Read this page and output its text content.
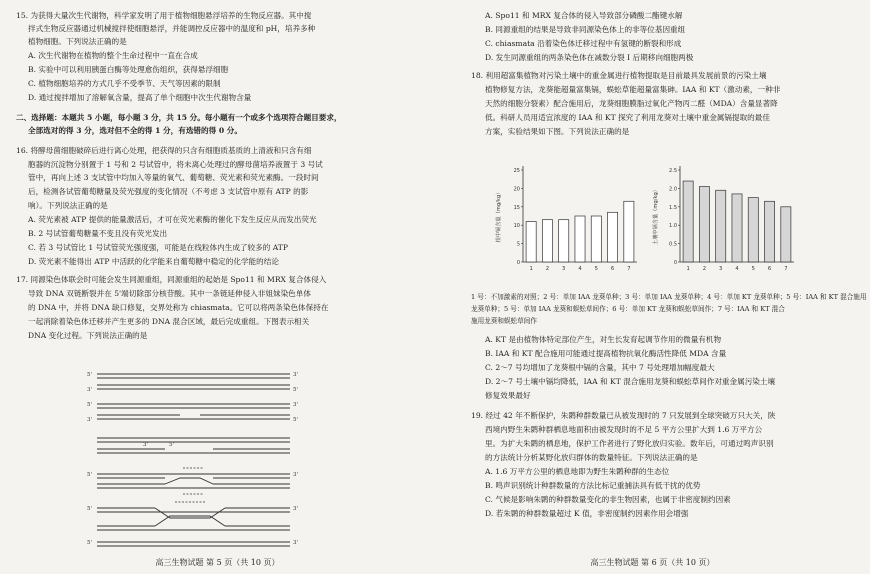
15. 为获得大量次生代谢物，科学家发明了用于植物细胞悬浮培养的生物反应器。其中搅
拌式生物反应器通过机械搅拌使细胞悬浮，并能调控反应器中的温度和 pH，培养多种
植物细胞。下列说法正确的是
A. 次生代谢物在植物的整个生命过程中一直在合成
B. 实验中可以利用胰蛋白酶等处理愈伤组织，获得悬浮细胞
C. 植物细胞培养的方式几乎不受季节、天气等因素的限制
D. 通过搅拌增加了溶解氧含量，提高了单个细胞中次生代谢物含量
二、选择题：本题共 5 小题，每小题 3 分，共 15 分。每小题有一个或多个选项符合题目要求，
全部选对的得 3 分，选对但不全的得 1 分，有选错的得 0 分。
16. 将酵母菌细胞破碎后进行离心处理，把获得的只含有细胞质基质的上清液和只含有细
胞器的沉淀物分别置于 1 号和 2 号试管中，将未离心处理过的酵母菌培养液置于 3 号试
管中，再向上述 3 支试管中均加入等量的氧气、葡萄糖、荧光素和荧光素酶。一段时间
后，检测各试管葡萄糖量及荧光强度的变化情况（不考虑 3 支试管中原有 ATP 的影
响）。下列说法正确的是
A. 荧光素被 ATP 提供的能量激活后，才可在荧光素酶的催化下发生反应从而发出荧光
B. 2 号试管葡萄糖量不变且没有荧光发出
C. 若 3 号试管比 1 号试管荧光强度强，可能是在线粒体内生成了较多的 ATP
D. 荧光素不能得出 ATP 中活跃的化学能来自葡萄糖中稳定的化学能的结论
17. 同源染色体联会时可能会发生同源重组，同源重组的起始是 Spo11 和 MRX 复合体侵入
导致 DNA 双链断裂并在 5'端切除部分核苷酸。其中一条链延伸侵入非姐妹染色单体
的 DNA 中，并将 DNA 缺口修复，交界处称为 chiasmata。它可以将两条染色体保持在
一起消除着染色体迁移并产生更多的 DNA 混合区域，最后完成重组。下图表示相关
DNA 变化过程。下列说法正确的是
5'	3'
3'	5'
5'	3'
3'	5'
3'	5'
5'	3'
5'	3'
5'	3'
高三生物试题 第 5 页（共 10 页）
A. Spo11 和 MRX 复合体的侵入导致部分磷酸二酯键水解
B. 同源重组的结果是导致非同源染色体上的非等位基因重组
C. chiasmata 沿着染色体迁移过程中有氢键的断裂和形成
D. 发生同源重组的两条染色体在减数分裂 I 后期移向细胞两极
18. 利用超富集植物对污染土壤中的重金属进行植物提取是目前最具发展前景的污染土壤
植物修复方法，龙葵能超量富集镉，蜈蚣草能超量富集砷。IAA 和 KT（激动素，一种非
天然的细胞分裂素）配合施用后，龙葵细胞膜脂过氧化产物丙二醛（MDA）含量显著降
低。科研人员用适宜浓度的 IAA 和 KT 探究了利用龙葵对土壤中重金属镉提取的最佳
方案，实验结果如下图。下列说法正确的是
0
5
10
15
20
25
根中镉含量（mg/kg）
1 2 3 4 5 6 7
0
0.5
1.0
1.5
2.0
2.5
土壤中镉含量（mg/kg）
1 2 3 4 5 6 7
1 号：不加激素的对照；2 号：单加 IAA 龙葵单种；3 号：单加 IAA 龙葵单种；4 号：单加 KT 龙葵单种；5 号：IAA 和 KT 混合施用
龙葵单种；5 号：单加 IAA 龙葵和蜈蚣草间作；6 号：单加 KT 龙葵和蜈蚣草间作；7 号：IAA 和 KT 混合
施用龙葵和蜈蚣草间作
A. KT 是由植物体特定部位产生，对生长发育起调节作用的微量有机物
B. IAA 和 KT 配合施用可能通过提高植物抗氧化酶活性降低 MDA 含量
C. 2～7 号均增加了龙葵根中镉的含量，其中 7 号处理增加幅度最大
D. 2～7 号土壤中镉均降低，IAA 和 KT 混合施用龙葵和蜈蚣草间作对重金属污染土壤
修复效果最好
19. 经过 42 年不断保护，朱鹮种群数量已从被发现时的 7 只发展到全球突破万只大关，陕
西境内野生朱鹮种群栖息地面积由被发现时的不足 5 平方公里扩大到 1.6 万平方公
里。为扩大朱鹮的栖息地，保护工作者进行了野化放归实验。数年后，可通过鸣声识别
的方法统计分析某野化放归群体的数量特征。下列说法正确的是
A. 1.6 万平方公里的栖息地即为野生朱鹮种群的生态位
B. 鸣声识别统计种群数量的方法比标记重捕法具有低干扰的优势
C. 气候是影响朱鹮的种群数量变化的非生物因素，也属于非密度制约因素
D. 若朱鹮的种群数量超过 K 值，非密度制约因素作用会增强
高三生物试题 第 6 页（共 10 页）
